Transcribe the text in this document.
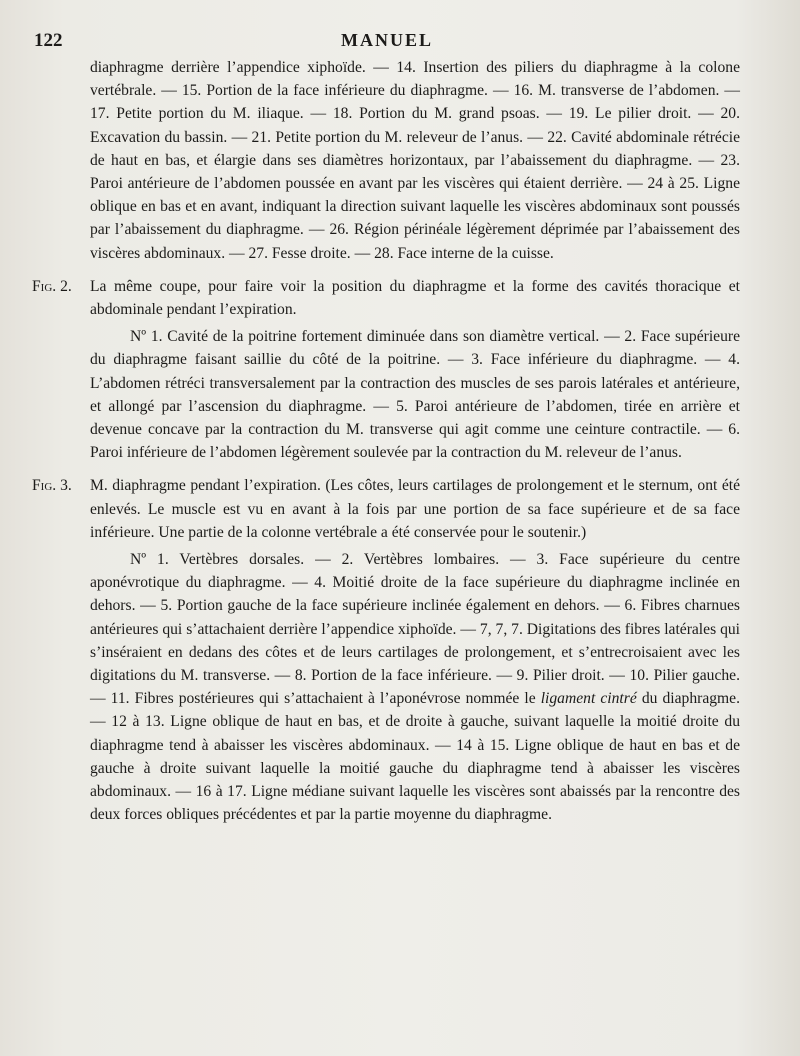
122	MANUEL

diaphragme derrière l’appendice xiphoïde. — 14. Insertion des piliers du diaphragme à la colone vertébrale. — 15. Portion de la face inférieure du diaphragme. — 16. M. transverse de l’abdomen. — 17. Petite portion du M. iliaque. — 18. Portion du M. grand psoas. — 19. Le pilier droit. — 20. Excavation du bassin. — 21. Petite portion du M. releveur de l’anus. — 22. Cavité abdominale rétrécie de haut en bas, et élargie dans ses diamètres horizontaux, par l’abaissement du diaphragme. — 23. Paroi antérieure de l’abdomen poussée en avant par les viscères qui étaient derrière. — 24 à 25. Ligne oblique en bas et en avant, indiquant la direction suivant laquelle les viscères abdominaux sont poussés par l’abaissement du diaphragme. — 26. Région périnéale légèrement déprimée par l’abaissement des viscères abdominaux. — 27. Fesse droite. — 28. Face interne de la cuisse.

Fig. 2. La même coupe, pour faire voir la position du diaphragme et la forme des cavités thoracique et abdominale pendant l’expiration.

Nº 1. Cavité de la poitrine fortement diminuée dans son diamètre vertical. — 2. Face supérieure du diaphragme faisant saillie du côté de la poitrine. — 3. Face inférieure du diaphragme. — 4. L’abdomen rétréci transversalement par la contraction des muscles de ses parois latérales et antérieure, et allongé par l’ascension du diaphragme. — 5. Paroi antérieure de l’abdomen, tirée en arrière et devenue concave par la contraction du M. transverse qui agit comme une ceinture contractile. — 6. Paroi inférieure de l’abdomen légèrement soulevée par la contraction du M. releveur de l’anus.

Fig. 3. M. diaphragme pendant l’expiration. (Les côtes, leurs cartilages de prolongement et le sternum, ont été enlevés. Le muscle est vu en avant à la fois par une portion de sa face supérieure et de sa face inférieure. Une partie de la colonne vertébrale a été conservée pour le soutenir.)

Nº 1. Vertèbres dorsales. — 2. Vertèbres lombaires. — 3. Face supérieure du centre aponévrotique du diaphragme. — 4. Moitié droite de la face supérieure du diaphragme inclinée en dehors. — 5. Portion gauche de la face supérieure inclinée également en dehors. — 6. Fibres charnues antérieures qui s’attachaient derrière l’appendice xiphoïde. — 7, 7, 7. Digitations des fibres latérales qui s’inséraient en dedans des côtes et de leurs cartilages de prolongement, et s’entrecroisaient avec les digitations du M. transverse. — 8. Portion de la face inférieure. — 9. Pilier droit. — 10. Pilier gauche. — 11. Fibres postérieures qui s’attachaient à l’aponévrose nommée le ligament cintré du diaphragme. — 12 à 13. Ligne oblique de haut en bas, et de droite à gauche, suivant laquelle la moitié droite du diaphragme tend à abaisser les viscères abdominaux. — 14 à 15. Ligne oblique de haut en bas et de gauche à droite suivant laquelle la moitié gauche du diaphragme tend à abaisser les viscères abdominaux. — 16 à 17. Ligne médiane suivant laquelle les viscères sont abaissés par la rencontre des deux forces obliques précédentes et par la partie moyenne du diaphragme.
